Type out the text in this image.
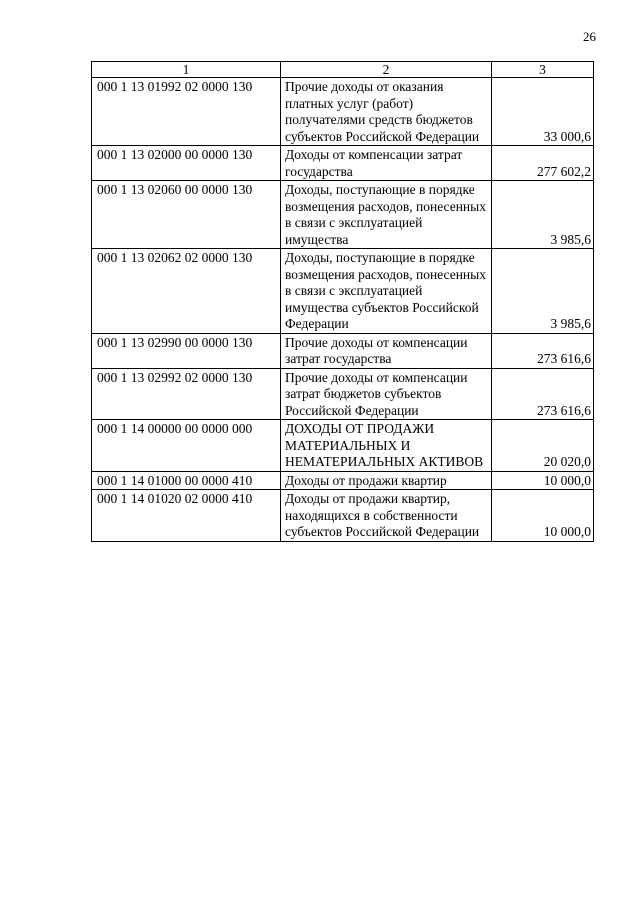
26
1	2	3
000 1 13 01992 02 0000 130	Прочие доходы от оказания платных услуг (работ) получателями средств бюджетов субъектов Российской Федерации	33 000,6
000 1 13 02000 00 0000 130	Доходы от компенсации затрат государства	277 602,2
000 1 13 02060 00 0000 130	Доходы, поступающие в порядке возмещения расходов, понесенных в связи с эксплуатацией имущества	3 985,6
000 1 13 02062 02 0000 130	Доходы, поступающие в порядке возмещения расходов, понесенных в связи с эксплуатацией имущества субъектов Российской Федерации	3 985,6
000 1 13 02990 00 0000 130	Прочие доходы от компенсации затрат государства	273 616,6
000 1 13 02992 02 0000 130	Прочие доходы от компенсации затрат бюджетов субъектов Российской Федерации	273 616,6
000 1 14 00000 00 0000 000	ДОХОДЫ ОТ ПРОДАЖИ МАТЕРИАЛЬНЫХ И НЕМАТЕРИАЛЬНЫХ АКТИВОВ	20 020,0
000 1 14 01000 00 0000 410	Доходы от продажи квартир	10 000,0
000 1 14 01020 02 0000 410	Доходы от продажи квартир, находящихся в собственности субъектов Российской Федерации	10 000,0
